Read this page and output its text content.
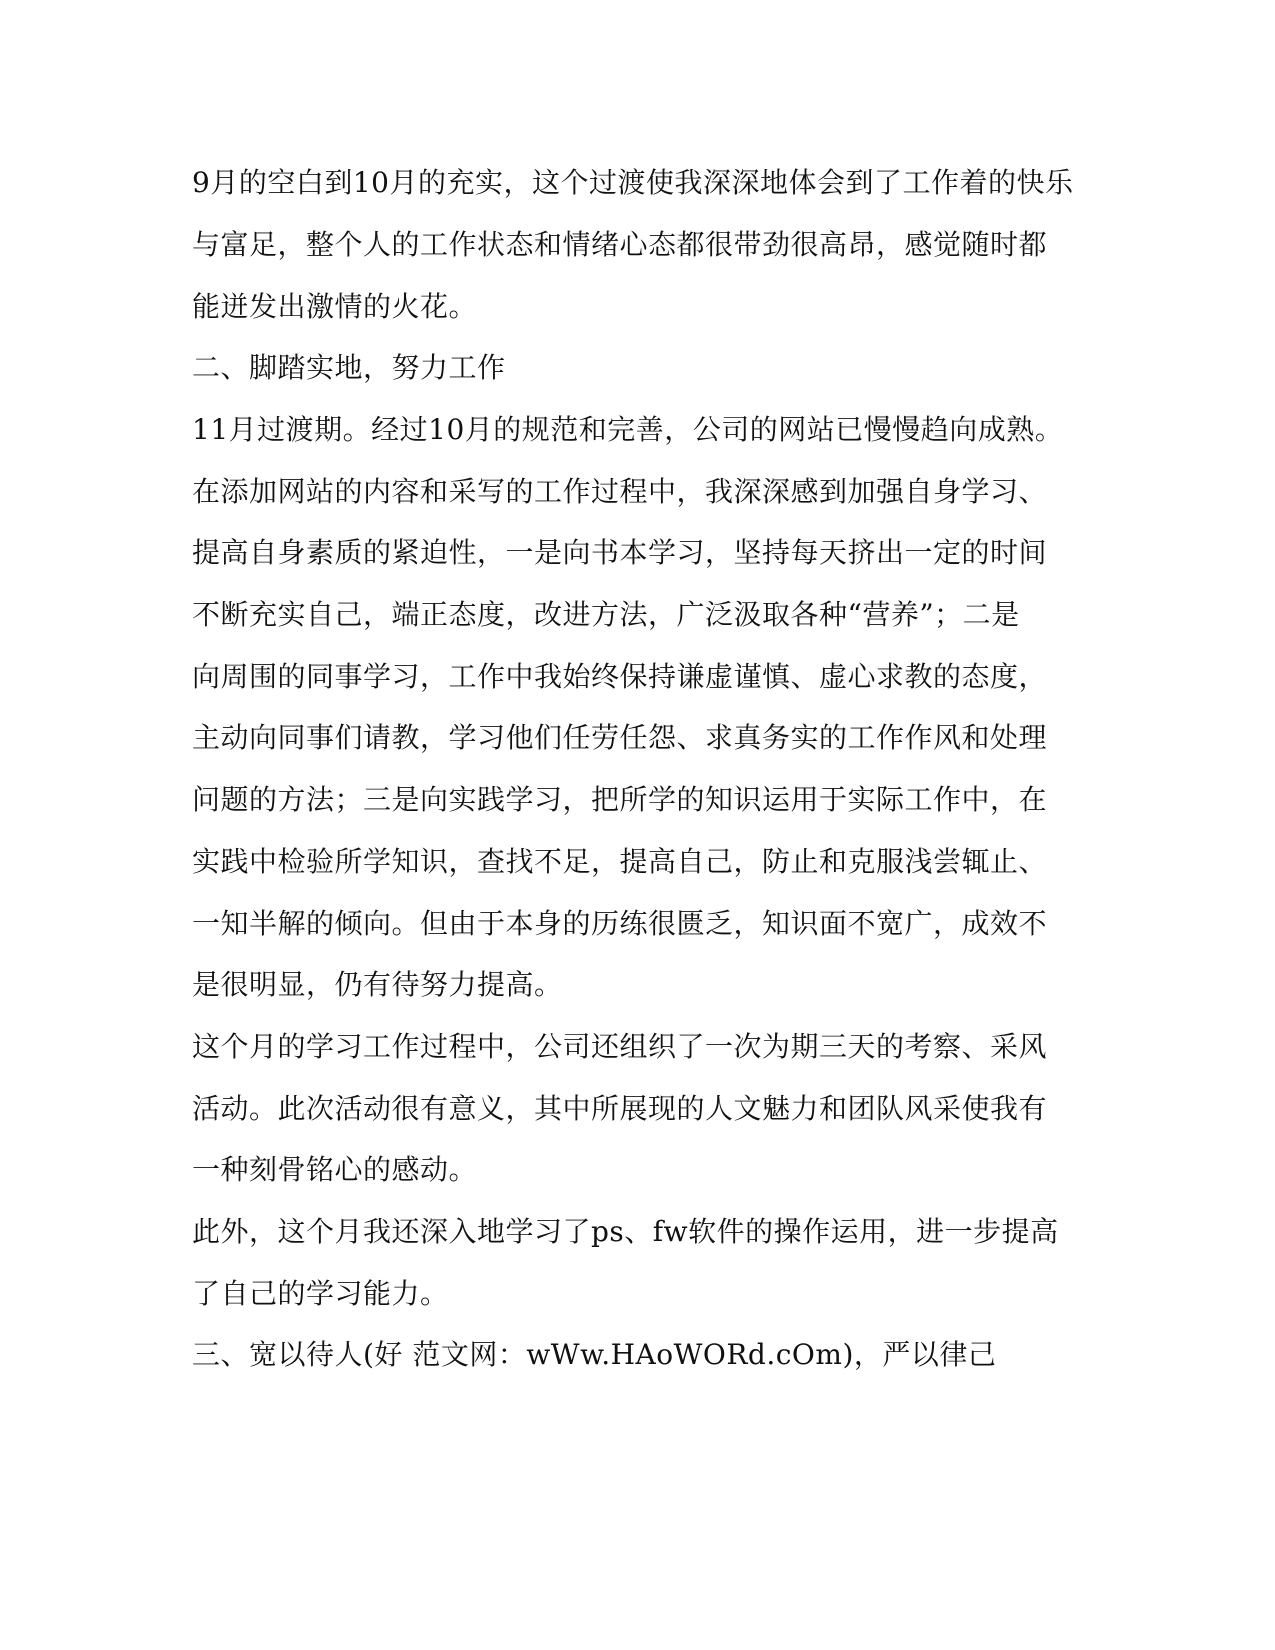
9月的空白到10月的充实，这个过渡使我深深地体会到了工作着的快乐
与富足，整个人的工作状态和情绪心态都很带劲很高昂，感觉随时都
能迸发出激情的火花。
二、脚踏实地，努力工作
11月过渡期。经过10月的规范和完善，公司的网站已慢慢趋向成熟。
在添加网站的内容和采写的工作过程中，我深深感到加强自身学习、
提高自身素质的紧迫性，一是向书本学习，坚持每天挤出一定的时间
不断充实自己，端正态度，改进方法，广泛汲取各种“营养”；二是
向周围的同事学习，工作中我始终保持谦虚谨慎、虚心求教的态度，
主动向同事们请教，学习他们任劳任怨、求真务实的工作作风和处理
问题的方法；三是向实践学习，把所学的知识运用于实际工作中，在
实践中检验所学知识，查找不足，提高自己，防止和克服浅尝辄止、
一知半解的倾向。但由于本身的历练很匮乏，知识面不宽广，成效不
是很明显，仍有待努力提高。
这个月的学习工作过程中，公司还组织了一次为期三天的考察、采风
活动。此次活动很有意义，其中所展现的人文魅力和团队风采使我有
一种刻骨铭心的感动。
此外，这个月我还深入地学习了ps、fw软件的操作运用，进一步提高
了自己的学习能力。
三、宽以待人(好 范文网：wWw.HAoWORd.cOm)，严以律己
